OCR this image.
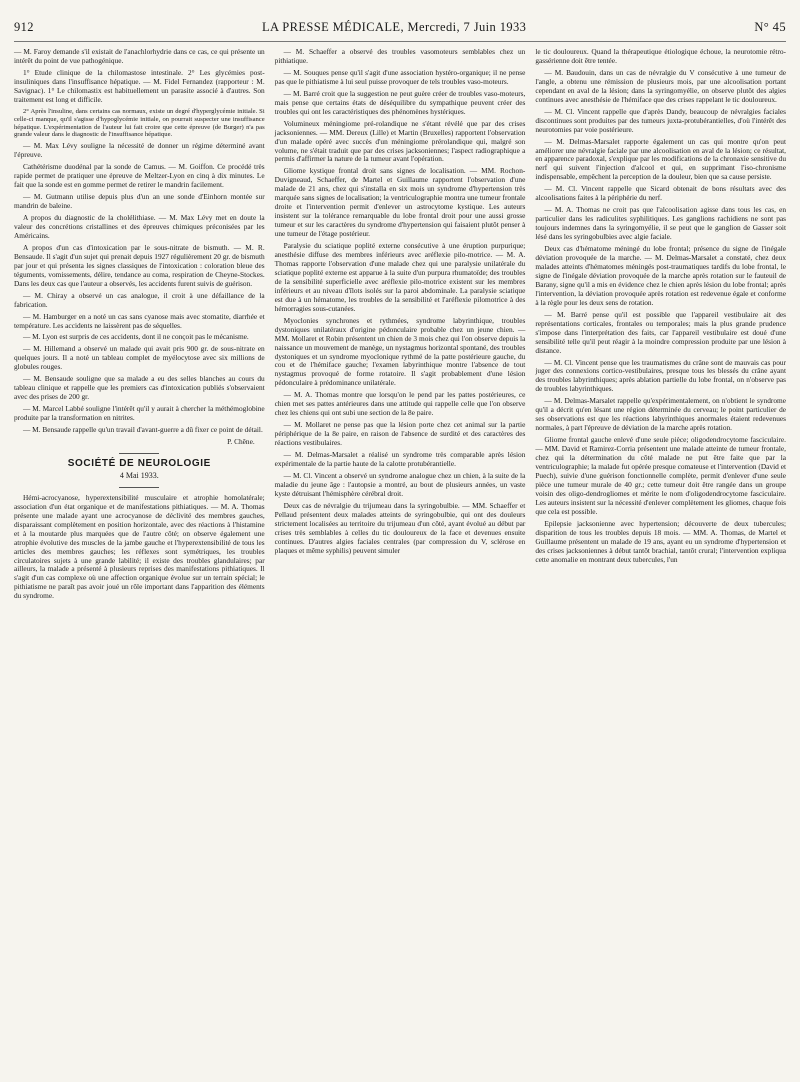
912	LA PRESSE MÉDICALE, Mercredi, 7 Juin 1933	N° 45

— M. Faroy demande s'il existait de l'anachlorhydrie dans ce cas, ce qui présente un intérêt du point de vue pathogénique.

1° Etude clinique de la chilomastose intestinale. 2° Les glycémies post-insuliniques dans l'insuffisance hépatique. — M. Fidel Fernandez (rapporteur : M. Savignac). 1° Le chilomastix est habituellement un parasite associé à d'autres. Son traitement est long et difficile.

2° Après l'insuline, dans certains cas normaux, existe un degré d'hyperglycémie initiale. Si celle-ci manque, qu'il s'agisse d'hypoglycémie initiale, on pourrait suspecter une insuffisance hépatique. L'expérimentation de l'auteur lui fait croire que cette épreuve (de Burger) n'a pas grande valeur dans le diagnostic de l'insuffisance hépatique.

— M. Max Lévy souligne la nécessité de donner un régime déterminé avant l'épreuve.

Cathétérisme duodénal par la sonde de Camus. — M. Goiffon. Ce procédé très rapide permet de pratiquer une épreuve de Meltzer-Lyon en cinq à dix minutes. Le fait que la sonde est en gomme permet de retirer le mandrin facilement.

— M. Gutmann utilise depuis plus d'un an une sonde d'Einhorn montée sur mandrin de baleine.

A propos du diagnostic de la cholélithiase. — M. Max Lévy met en doute la valeur des concrétions cristallines et des épreuves chimiques préconisées par les Américains.

A propos d'un cas d'intoxication par le sous-nitrate de bismuth. — M. R. Bensaude. Il s'agit d'un sujet qui prenait depuis 1927 régulièrement 20 gr. de bismuth par jour et qui présenta les signes classiques de l'intoxication : coloration bleue des téguments, vomissements, délire, tendance au coma, respiration de Cheyne-Stockes. Dans les deux cas que l'auteur a observés, les accidents furent suivis de guérison.

— M. Chiray a observé un cas analogue, il croit à une défaillance de la fabrication.

— M. Hamburger en a noté un cas sans cyanose mais avec stomatite, diarrhée et température. Les accidents ne laissèrent pas de séquelles.

— M. Lyon est surpris de ces accidents, dont il ne conçoit pas le mécanisme.

— M. Hillemand a observé un malade qui avait pris 900 gr. de sous-nitrate en quelques jours. Il a noté un tableau complet de myélocytose avec six millions de globules rouges.

— M. Bensaude souligne que sa malade a eu des selles blanches au cours du tableau clinique et rappelle que les premiers cas d'intoxication publiés s'observaient avec des prises de 200 gr.

— M. Marcel Labbé souligne l'intérêt qu'il y aurait à chercher la méthémoglobine produite par la transformation en nitrites.

— M. Bensaude rappelle qu'un travail d'avant-guerre a dû fixer ce point de détail.

P. Chêne.

SOCIÉTÉ DE NEUROLOGIE
4 Mai 1933.

Hémi-acrocyanose, hyperextensibilité musculaire et atrophie homolatérale; association d'un état organique et de manifestations pithiatiques. — M. A. Thomas présente une malade ayant une acrocyanose de déclivité des membres gauches, disparaissant complètement en position horizontale, avec des réactions à l'histamine et à la moutarde plus marquées que de l'autre côté; on observe également une atrophie évolutive des muscles de la jambe gauche et l'hyperextensibilité de tous les articles des membres gauches; les réflexes sont symétriques, les troubles circulatoires sujets à une grande labilité; il existe des troubles glandulaires; par ailleurs, la malade a présenté à plusieurs reprises des manifestations pithiatiques. Il s'agit d'un cas complexe où une affection organique évolue sur un terrain spécial; le pithiatisme ne paraît pas avoir joué un rôle important dans l'apparition des éléments du syndrome.

— M. Schaeffer a observé des troubles vasomoteurs semblables chez un pithiatique.

— M. Souques pense qu'il s'agit d'une association hystéro-organique; il ne pense pas que le pithiatisme à lui seul puisse provoquer de tels troubles vaso-moteurs.

— M. Barré croit que la suggestion ne peut guère créer de troubles vaso-moteurs, mais pense que certains états de déséquilibre du sympathique peuvent créer des troubles qui ont les caractéristiques des phénomènes hystériques.

Volumineux méningiome pré-rolandique ne s'étant révélé que par des crises jacksoniennes. — MM. Dereux (Lille) et Martin (Bruxelles) rapportent l'observation d'un malade opéré avec succès d'un méningiome prérolandique qui, malgré son volume, ne s'était traduit que par des crises jacksoniennes; l'aspect radiographique a permis d'affirmer la nature de la tumeur avant l'opération.

Gliome kystique frontal droit sans signes de localisation. — MM. Rochon-Duvigneaud, Schaeffer, de Martel et Guillaume rapportent l'observation d'une malade de 21 ans, chez qui s'installa en six mois un syndrome d'hypertension très marquée sans signes de localisation; la ventriculographie montra une tumeur frontale droite et l'intervention permit d'enlever un astrocytome kystique. Les auteurs insistent sur la tolérance remarquable du lobe frontal droit pour une aussi grosse tumeur et sur les caractères du syndrome d'hypertension qui faisaient plutôt penser à une tumeur de l'étage postérieur.

Paralysie du sciatique poplité externe consécutive à une éruption purpurique; anesthésie diffuse des membres inférieurs avec aréflexie pilo-motrice. — M. A. Thomas rapporte l'observation d'une malade chez qui une paralysie unilatérale du sciatique poplité externe est apparue à la suite d'un purpura rhumatoïde; des troubles de la sensibilité superficielle avec aréflexie pilo-motrice existent sur les membres inférieurs et au niveau d'îlots isolés sur la paroi abdominale. La paralysie sciatique est due à un hématome, les troubles de la sensibilité et l'aréflexie pilomotrice à des hémorragies sous-cutanées.

Myoclonies synchrones et rythmées, syndrome labyrinthique, troubles dystoniques unilatéraux d'origine pédonculaire probable chez un jeune chien. — MM. Mollaret et Robin présentent un chien de 3 mois chez qui l'on observe depuis la naissance un mouvement de manège, un nystagmus horizontal spontané, des troubles dystoniques et un syndrome myoclonique rythmé de la patte postérieure gauche, du cou et de l'hémiface gauche; l'examen labyrinthique montre l'absence de tout nystagmus provoqué de forme rotatoire. Il s'agit probablement d'une lésion pédonculaire à prédominance unilatérale.

— M. A. Thomas montre que lorsqu'on le pend par les pattes postérieures, ce chien met ses pattes antérieures dans une attitude qui rappelle celle que l'on observe chez les chiens qui ont subi une section de la 8e paire.

— M. Mollaret ne pense pas que la lésion porte chez cet animal sur la partie périphérique de la 8e paire, en raison de l'absence de surdité et des caractères des réactions vestibulaires.

— M. Delmas-Marsalet a réalisé un syndrome très comparable après lésion expérimentale de la partie haute de la calotte protubérantielle.

— M. Cl. Vincent a observé un syndrome analogue chez un chien, à la suite de la maladie du jeune âge : l'autopsie a montré, au bout de plusieurs années, un vaste kyste détruisant l'hémisphère cérébral droit.

Deux cas de névralgie du trijumeau dans la syringobulbie. — MM. Schaeffer et Pellaud présentent deux malades atteints de syringobulbie, qui ont des douleurs strictement localisées au territoire du trijumeau d'un côté, ayant évolué au début par crises très semblables à celles du tic douloureux de la face et devenues ensuite continues. D'autres algies faciales centrales (par compression du V, sclérose en plaques et même syphilis) peuvent simuler

le tic douloureux. Quand la thérapeutique étiologique échoue, la neurotomie rétro-gassérienne doit être tentée.

— M. Baudouin, dans un cas de névralgie du V consécutive à une tumeur de l'angle, a obtenu une rémission de plusieurs mois, par une alcoolisation portant cependant en aval de la lésion; dans la syringomyélie, on observe plutôt des algies continues avec anesthésie de l'hémiface que des crises rappelant le tic douloureux.

— M. Cl. Vincent rappelle que d'après Dandy, beaucoup de névralgies faciales discontinues sont produites par des tumeurs juxta-protubérantielles, d'où l'intérêt des neurotomies par voie postérieure.

— M. Delmas-Marsalet rapporte également un cas qui montre qu'on peut améliorer une névralgie faciale par une alcoolisation en aval de la lésion; ce résultat, en apparence paradoxal, s'explique par les modifications de la chronaxie sensitive du nerf qui suivent l'injection d'alcool et qui, en supprimant l'iso-chronisme indispensable, empêchent la perception de la douleur, bien que sa cause persiste.

— M. Cl. Vincent rappelle que Sicard obtenait de bons résultats avec des alcoolisations faites à la périphérie du nerf.

— M. A. Thomas ne croit pas que l'alcoolisation agisse dans tous les cas, en particulier dans les radiculites syphilitiques. Les ganglions rachidiens ne sont pas toujours indemnes dans la syringomyélie, il se peut que le ganglion de Gasser soit lésé dans les syringobulbies avec algie faciale.

Deux cas d'hématome méningé du lobe frontal; présence du signe de l'inégale déviation provoquée de la marche. — M. Delmas-Marsalet a constaté, chez deux malades atteints d'hématomes méningés post-traumatiques tardifs du lobe frontal, le signe de l'inégale déviation provoquée de la marche après rotation sur le fauteuil de Barany, signe qu'il a mis en évidence chez le chien après lésion du lobe frontal; après l'intervention, la déviation provoquée après rotation est redevenue égale et conforme à la règle pour les deux sens de rotation.

— M. Barré pense qu'il est possible que l'appareil vestibulaire ait des représentations corticales, frontales ou temporales; mais la plus grande prudence s'impose dans l'interprétation des faits, car l'appareil vestibulaire est doué d'une sensibilité telle qu'il peut réagir à la moindre compression produite par une lésion à distance.

— M. Cl. Vincent pense que les traumatismes du crâne sont de mauvais cas pour juger des connexions cortico-vestibulaires, presque tous les blessés du crâne ayant des troubles labyrinthiques; après ablation partielle du lobe frontal, on n'observe pas de troubles labyrinthiques.

— M. Delmas-Marsalet rappelle qu'expérimentalement, on n'obtient le syndrome qu'il a décrit qu'en lésant une région déterminée du cerveau; le point particulier de ses observations est que les réactions labyrinthiques anormales étaient redevenues normales, à part l'épreuve de déviation de la marche après rotation.

Gliome frontal gauche enlevé d'une seule pièce; oligodendrocytome fasciculaire. — MM. David et Ramirez-Corria présentent une malade atteinte de tumeur frontale, chez qui la détermination du côté malade ne put être faite que par la ventriculographie; la malade fut opérée presque comateuse et l'intervention (David et Puech), suivie d'une guérison fonctionnelle complète, permit d'enlever d'une seule pièce une tumeur murale de 40 gr.; cette tumeur doit être rangée dans un groupe voisin des oligo-dendrogliomes et mérite le nom d'oligodendrocytome fasciculaire. Les auteurs insistent sur la nécessité d'enlever complètement les gliomes, chaque fois que cela est possible.

Epilepsie jacksonienne avec hypertension; découverte de deux tubercules; disparition de tous les troubles depuis 18 mois. — MM. A. Thomas, de Martel et Guillaume présentent un malade de 19 ans, ayant eu un syndrome d'hypertension et des crises jacksoniennes à début tantôt brachial, tantôt crural; l'intervention expliqua cette anomalie en montrant deux tubercules, l'un
